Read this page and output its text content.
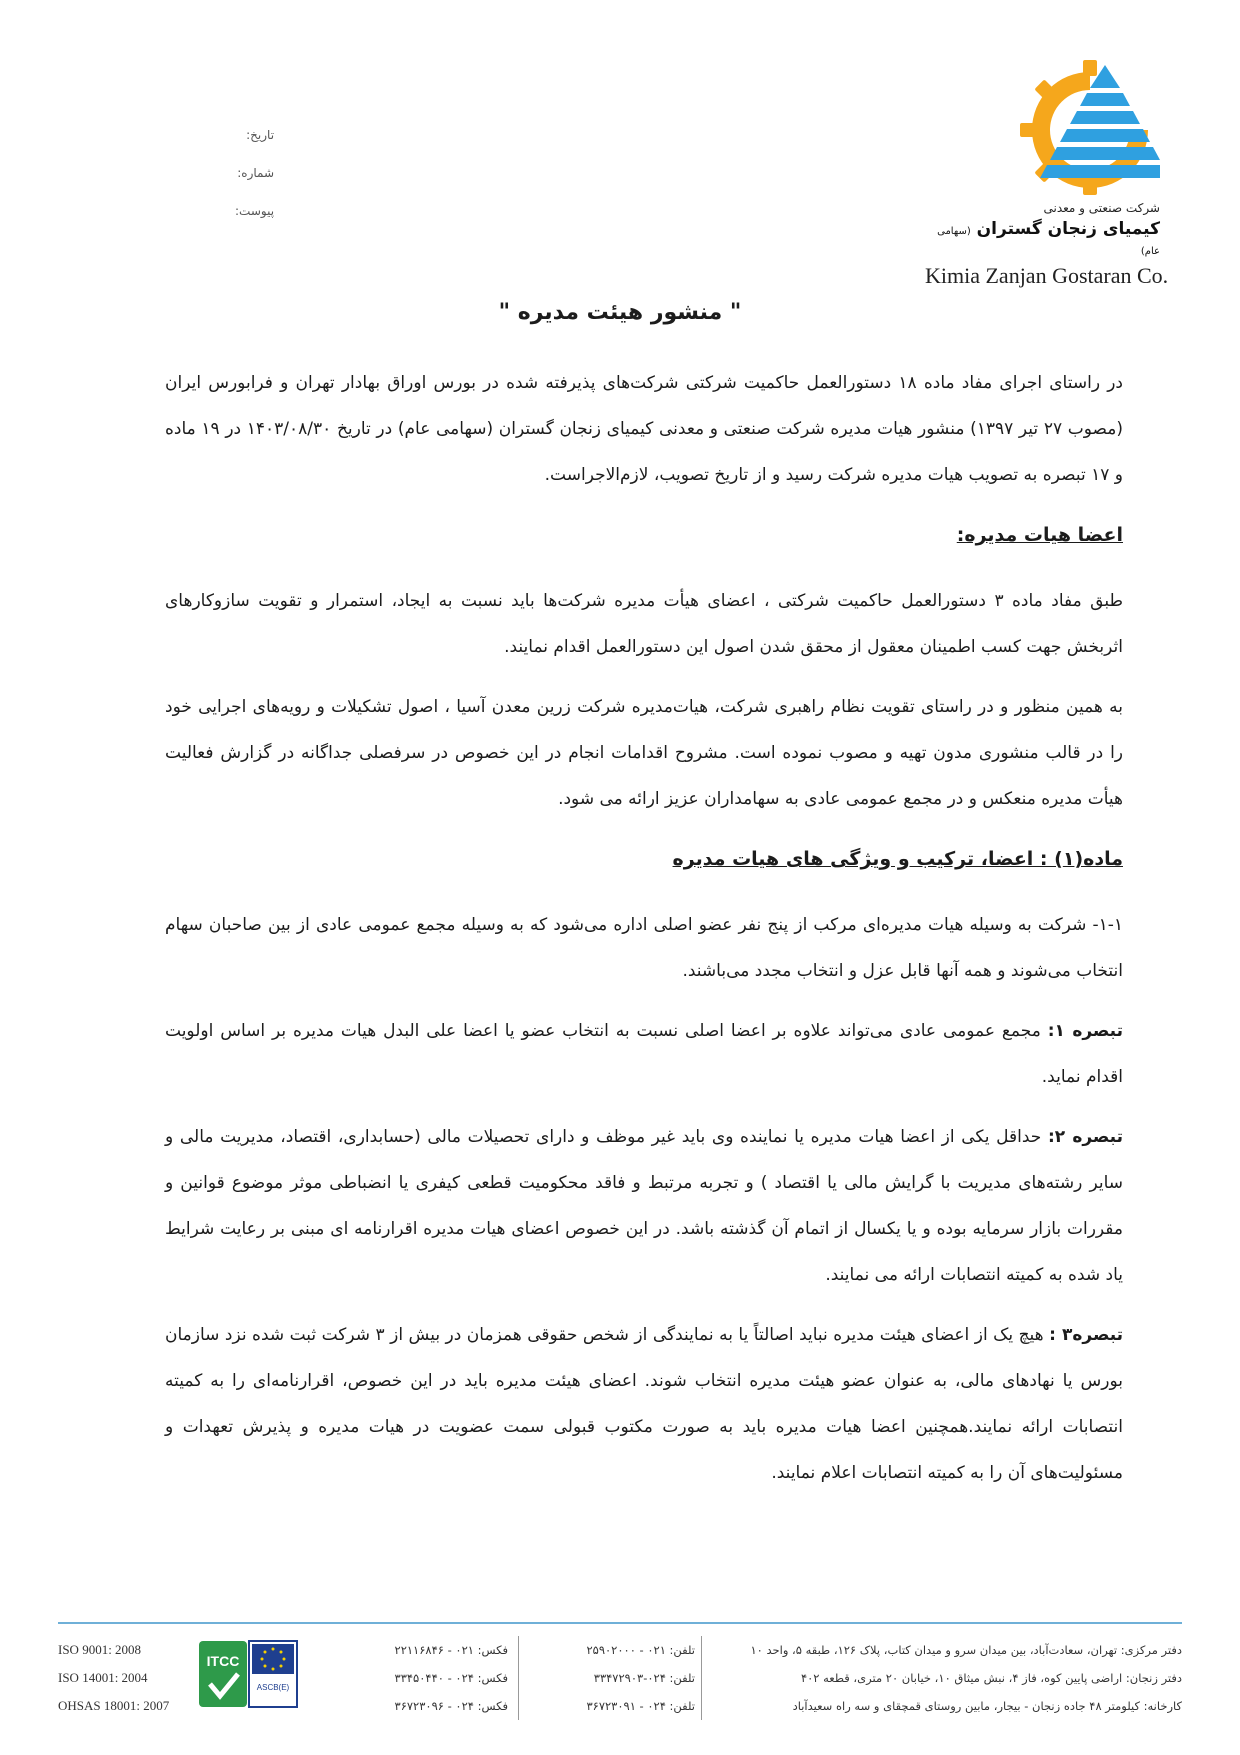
تاریخ:
شماره:
پیوست:	شرکت صنعتی و معدنی
کیمیای زنجان گستران (سهامی عام)
Kimia Zanjan Gostaran Co.
" منشور هیئت مدیره "

در راستای اجرای مفاد ماده ۱۸ دستورالعمل حاکمیت شرکتی شرکت‌های پذیرفته شده در بورس اوراق بهادار تهران و فرابورس ایران (مصوب ۲۷ تیر ۱۳۹۷) منشور هیات مدیره شرکت صنعتی و معدنی کیمیای زنجان گستران (سهامی عام) در تاریخ ۱۴۰۳/۰۸/۳۰ در ۱۹ ماده و ۱۷ تبصره به تصویب هیات مدیره شرکت رسید و از تاریخ تصویب، لازم‌الاجراست.

اعضا هیات مدیره:

طبق مفاد ماده ۳ دستورالعمل حاکمیت شرکتی ، اعضای هیأت مدیره شرکت‌ها باید نسبت به ایجاد، استمرار و تقویت سازوکارهای اثربخش جهت کسب اطمینان معقول از محقق شدن اصول این دستورالعمل اقدام نمایند.

به همین منظور و در راستای تقویت نظام راهبری شرکت، هیات‌مدیره شرکت زرین معدن آسیا ، اصول تشکیلات و رویه‌های اجرایی خود را در قالب منشوری مدون تهیه و مصوب نموده است. مشروح اقدامات انجام در این خصوص در سرفصلی جداگانه در گزارش فعالیت هیأت مدیره منعکس و در مجمع عمومی عادی به سهامداران عزیز ارائه می شود.

ماده(۱) : اعضا، ترکیب و ویژگی های هیات مدیره

۱-۱- شرکت به وسیله هیات مدیره‌ای مرکب از پنج نفر عضو اصلی اداره می‌شود که به وسیله مجمع عمومی عادی از بین صاحبان سهام انتخاب می‌شوند و همه آنها قابل عزل و انتخاب مجدد می‌باشند.

تبصره ۱: مجمع عمومی عادی می‌تواند علاوه بر اعضا اصلی نسبت به انتخاب عضو یا اعضا علی البدل هیات مدیره بر اساس اولویت اقدام نماید.

تبصره ۲: حداقل یکی از اعضا هیات مدیره یا نماینده وی باید غیر موظف و دارای تحصیلات مالی (حسابداری، اقتصاد، مدیریت مالی و سایر رشته‌های مدیریت با گرایش مالی یا اقتصاد ) و تجربه مرتبط و فاقد محکومیت قطعی کیفری یا انضباطی موثر موضوع قوانین و مقررات بازار سرمایه بوده و یا یکسال از اتمام آن گذشته باشد. در این خصوص اعضای هیات مدیره اقرارنامه ای مبنی بر رعایت شرایط یاد شده به کمیته انتصابات ارائه می نمایند.

تبصره۳ : هیچ یک از اعضای هیئت مدیره نباید اصالتاً یا به نمایندگی از شخص حقوقی همزمان در بیش از ۳ شرکت ثبت شده نزد سازمان بورس یا نهادهای مالی، به عنوان عضو هیئت مدیره انتخاب شوند. اعضای هیئت مدیره باید در این خصوص، اقرارنامه‌ای را به کمیته انتصابات ارائه نمایند.همچنین اعضا هیات مدیره باید به صورت مکتوب قبولی سمت عضویت در هیات مدیره و پذیرش تعهدات و مسئولیت‌های آن را به کمیته انتصابات اعلام نمایند.

دفتر مرکزی: تهران، سعادت‌آباد، بین میدان سرو و میدان کتاب، پلاک ۱۲۶، طبقه ۵، واحد ۱۰
دفتر زنجان: اراضی پایین کوه، فاز ۴، نبش میثاق ۱۰، خیابان ۲۰ متری، قطعه ۴۰۲
کارخانه: کیلومتر ۴۸ جاده زنجان - بیجار، مابین روستای قمچقای و سه راه سعیدآباد
تلفن: ۰۲۱ - ۲۵۹۰۲۰۰۰
تلفن: ۰۲۴-۳۳۴۷۲۹۰۳
تلفن: ۰۲۴ - ۳۶۷۲۳۰۹۱
فکس: ۰۲۱ - ۲۲۱۱۶۸۴۶
فکس: ۰۲۴ - ۳۳۴۵۰۴۴۰
فکس: ۰۲۴ - ۳۶۷۲۳۰۹۶
ASCB(E)
ITCC
ISO 9001: 2008
ISO 14001: 2004
OHSAS 18001: 2007
